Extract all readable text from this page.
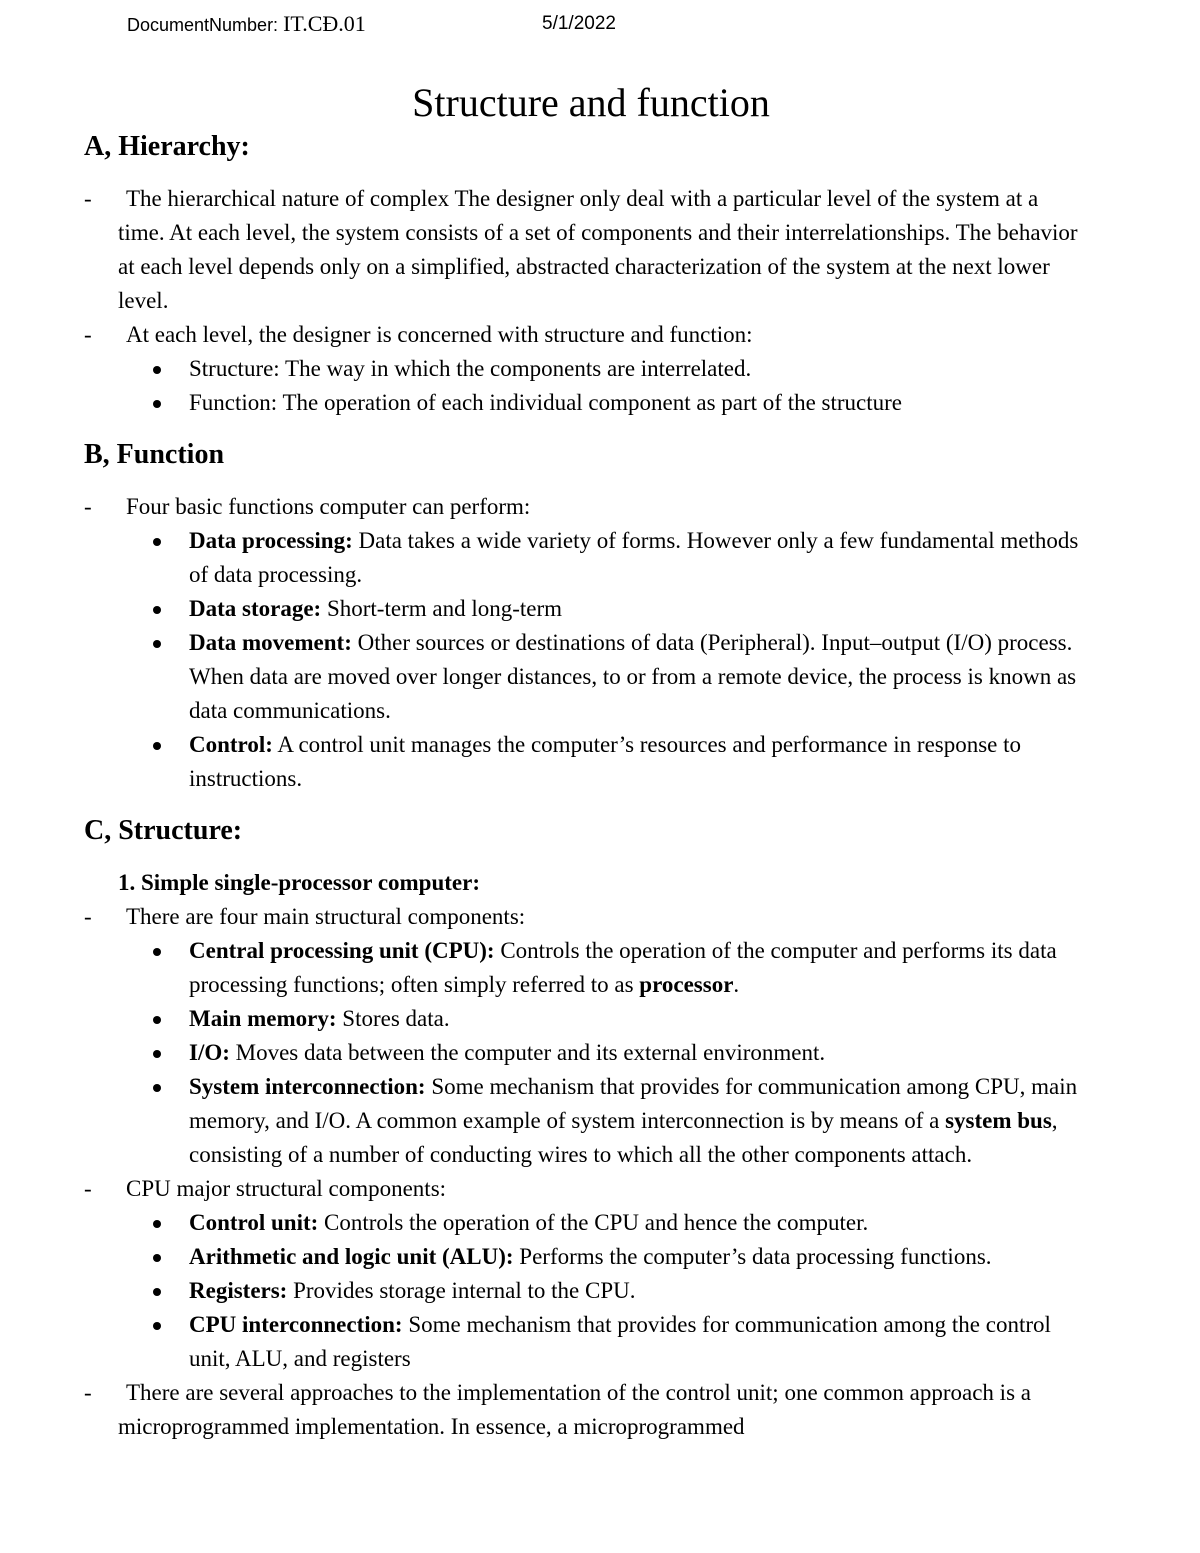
DocumentNumber: IT.CĐ.01	5/1/2022
Structure and function
A, Hierarchy:
- The hierarchical nature of complex The designer only deal with a particular level of the system at a time. At each level, the system consists of a set of components and their interrelationships. The behavior at each level depends only on a simplified, abstracted characterization of the system at the next lower level.
- At each level, the designer is concerned with structure and function:
Structure: The way in which the components are interrelated.
Function: The operation of each individual component as part of the structure
B, Function
- Four basic functions computer can perform:
Data processing: Data takes a wide variety of forms. However only a few fundamental methods of data processing.
Data storage: Short-term and long-term
Data movement: Other sources or destinations of data (Peripheral). Input–output (I/O) process. When data are moved over longer distances, to or from a remote device, the process is known as data communications.
Control: A control unit manages the computer’s resources and performance in response to instructions.
C, Structure:
1. Simple single-processor computer:
- There are four main structural components:
Central processing unit (CPU): Controls the operation of the computer and performs its data processing functions; often simply referred to as processor.
Main memory: Stores data.
I/O: Moves data between the computer and its external environment.
System interconnection: Some mechanism that provides for communication among CPU, main memory, and I/O. A common example of system interconnection is by means of a system bus, consisting of a number of conducting wires to which all the other components attach.
- CPU major structural components:
Control unit: Controls the operation of the CPU and hence the computer.
Arithmetic and logic unit (ALU): Performs the computer’s data processing functions.
Registers: Provides storage internal to the CPU.
CPU interconnection: Some mechanism that provides for communication among the control unit, ALU, and registers
- There are several approaches to the implementation of the control unit; one common approach is a microprogrammed implementation. In essence, a microprogrammed
